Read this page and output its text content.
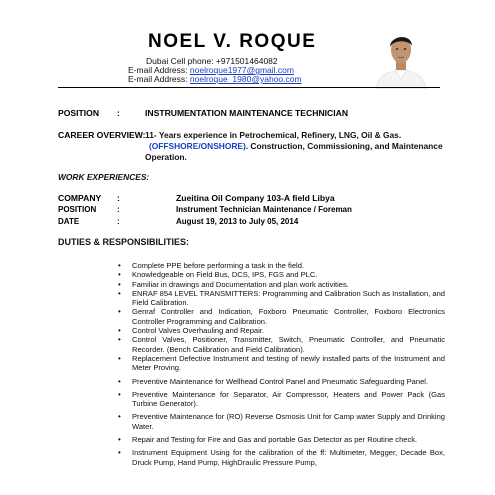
NOEL V. ROQUE
Dubai Cell phone: +971501464082
E-mail Address: noelroque1977@gmail.com
E-mail Address: noelroque_1980@yahoo.com
POSITION :	INSTRUMENTATION MAINTENANCE TECHNICIAN
CAREER OVERVIEW: 11- Years experience in Petrochemical, Refinery, LNG, Oil & Gas.
(OFFSHORE/ONSHORE). Construction, Commissioning, and Maintenance Operation.
WORK EXPERIENCES:
COMPANY :	Zueitina Oil Company 103-A field Libya
POSITION	:	Instrument Technician Maintenance / Foreman
DATE	:	August 19, 2013 to July 05, 2014
DUTIES & RESPONSIBILITIES:
• Complete PPE before performing a task in the field.
• Knowledgeable on Field Bus, DCS, IPS, FGS and PLC.
• Familiar in drawings and Documentation and plan work activities.
• ENRAF 854 LEVEL TRANSMITTERS: Programming and Calibration Such as Installation, and Field Calibration.
• Genraf Controller and Indication, Foxboro Pneumatic Controller, Foxboro Electronics Controller Programming and Calibration.
• Control Valves Overhauling and Repair.
• Control Valves, Positioner, Transmitter, Switch, Pneumatic Controller, and Pneumatic Recorder. (Bench Calibration and Field Calibration).
• Replacement Defective Instrument and testing of newly installed parts of the Instrument and Meter Proving.
• Preventive Maintenance for Wellhead Control Panel and Pneumatic Safeguarding Panel.
• Preventive Maintenance for Separator, Air Compressor, Heaters and Power Pack (Gas Turbine Generator).
• Preventive Maintenance for (RO) Reverse Osmosis Unit for Camp water Supply and Drinking Water.
• Repair and Testing for Fire and Gas and portable Gas Detector as per Routine check.
• Instrument Equipment Using for the calibration of the ff: Multimeter, Megger, Decade Box, Druck Pump, Hand Pump, HighDraulic Pressure Pump,
